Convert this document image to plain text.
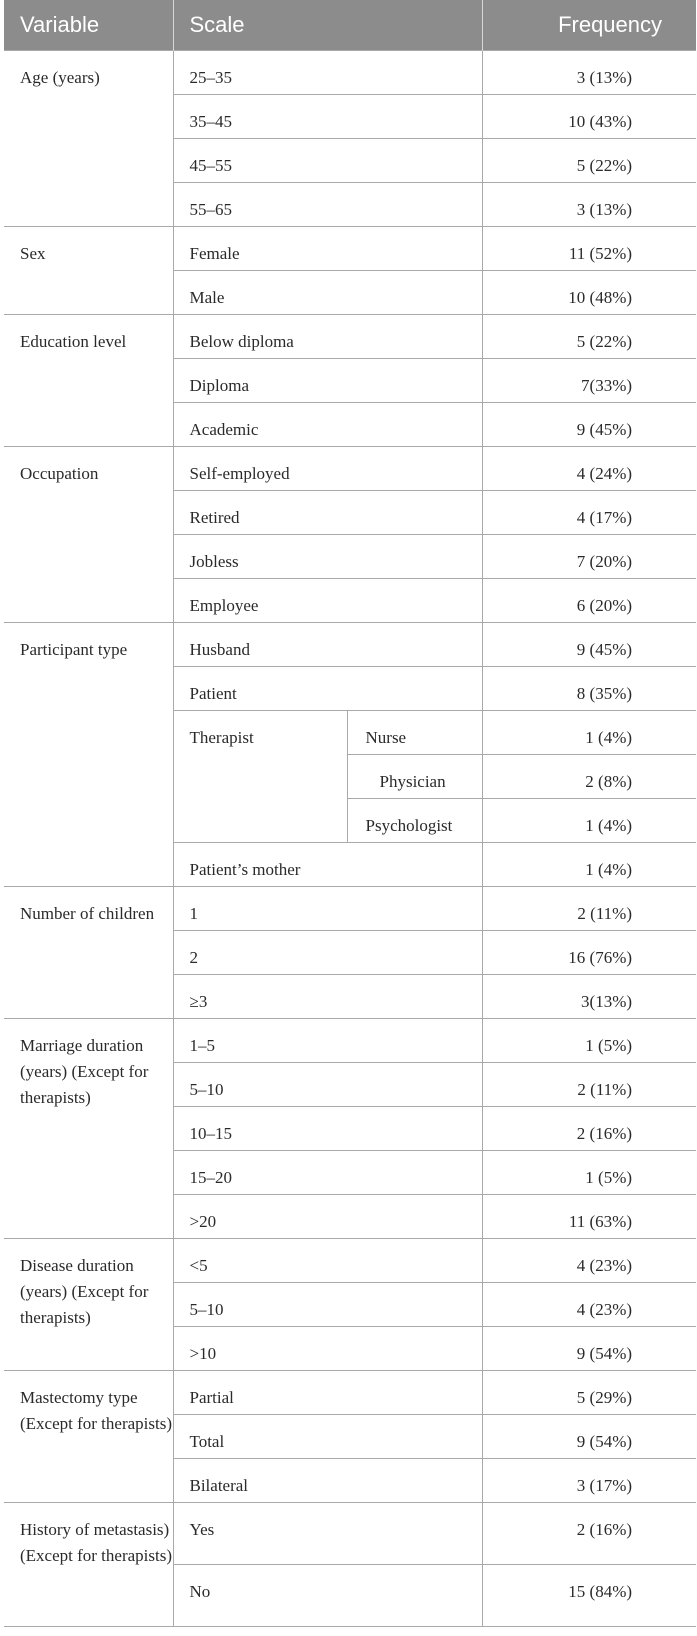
Variable	Scale		Frequency
Age (years)	25–35		3 (13%)
	35–45		10 (43%)
	45–55		5 (22%)
	55–65		3 (13%)
Sex	Female		11 (52%)
	Male		10 (48%)
Education level	Below diploma		5 (22%)
	Diploma		7(33%)
	Academic		9 (45%)
Occupation	Self-employed		4 (24%)
	Retired		4 (17%)
	Jobless		7 (20%)
	Employee		6 (20%)
Participant type	Husband		9 (45%)
	Patient		8 (35%)
	Therapist	Nurse	1 (4%)
		Physician	2 (8%)
		Psychologist	1 (4%)
	Patient’s mother		1 (4%)
Number of children	1		2 (11%)
	2		16 (76%)
	≥3		3(13%)
Marriage duration (years) (Except for therapists)	1–5		1 (5%)
	5–10		2 (11%)
	10–15		2 (16%)
	15–20		1 (5%)
	>20		11 (63%)
Disease duration (years) (Except for therapists)	<5		4 (23%)
	5–10		4 (23%)
	>10		9 (54%)
Mastectomy type (Except for therapists)	Partial		5 (29%)
	Total		9 (54%)
	Bilateral		3 (17%)
History of metastasis) (Except for therapists)	Yes		2 (16%)
	No		15 (84%)
